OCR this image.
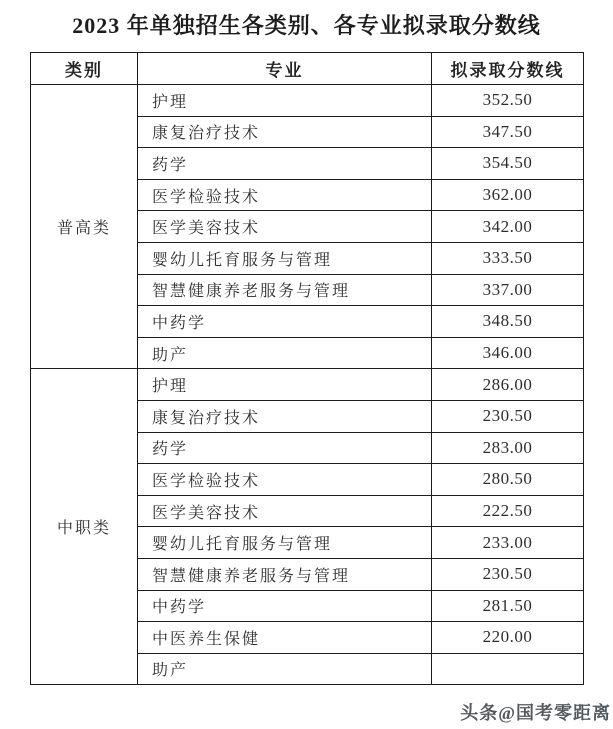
2023 年单独招生各类别、各专业拟录取分数线
类别	专业	拟录取分数线
普高类	护理	352.50
	康复治疗技术	347.50
	药学	354.50
	医学检验技术	362.00
	医学美容技术	342.00
	婴幼儿托育服务与管理	333.50
	智慧健康养老服务与管理	337.00
	中药学	348.50
	助产	346.00
中职类	护理	286.00
	康复治疗技术	230.50
	药学	283.00
	医学检验技术	280.50
	医学美容技术	222.50
	婴幼儿托育服务与管理	233.00
	智慧健康养老服务与管理	230.50
	中药学	281.50
	中医养生保健	220.00
	助产	
头条@国考零距离
